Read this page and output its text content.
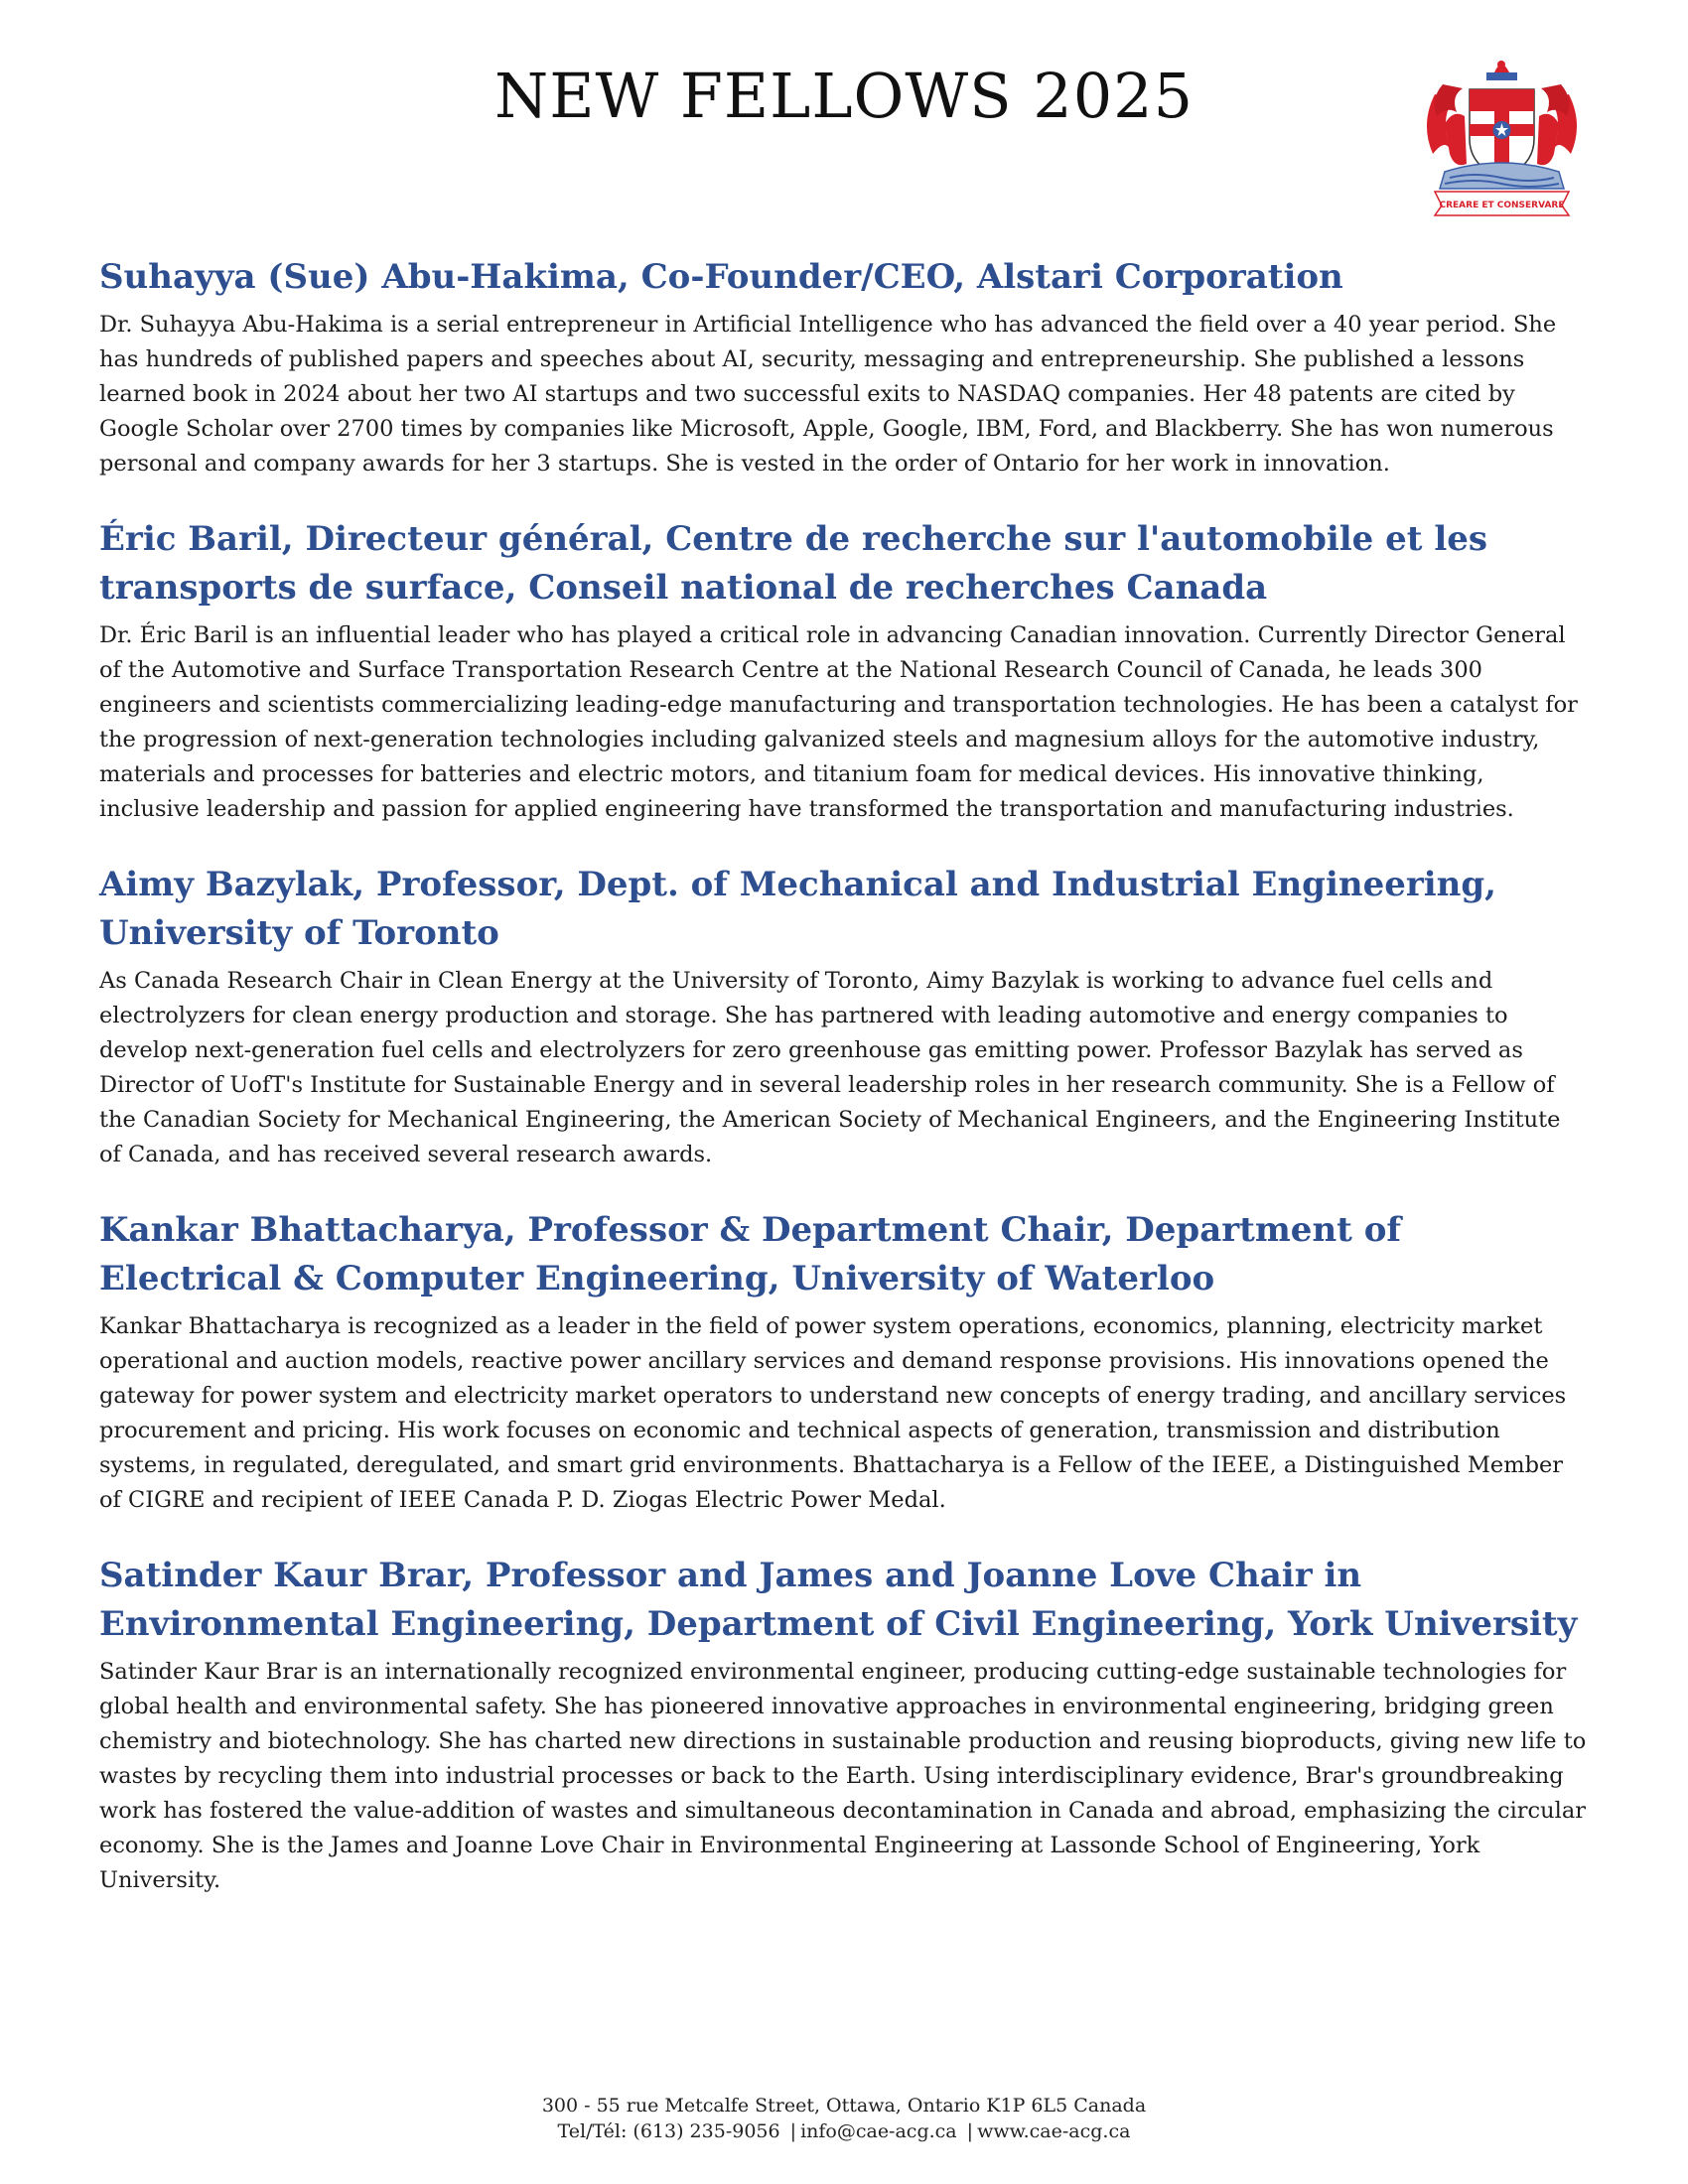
NEW FELLOWS 2025
CREARE ET CONSERVARE
Suhayya (Sue) Abu-Hakima, Co-Founder/CEO, Alstari Corporation

Dr. Suhayya Abu-Hakima is a serial entrepreneur in Artificial Intelligence who has advanced the field over a 40 year period. She has hundreds of published papers and speeches about AI, security, messaging and entrepreneurship. She published a lessons learned book in 2024 about her two AI startups and two successful exits to NASDAQ companies. Her 48 patents are cited by Google Scholar over 2700 times by companies like Microsoft, Apple, Google, IBM, Ford, and Blackberry. She has won numerous personal and company awards for her 3 startups. She is vested in the order of Ontario for her work in innovation.

Éric Baril, Directeur général, Centre de recherche sur l'automobile et les transports de surface, Conseil national de recherches Canada

Dr. Éric Baril is an influential leader who has played a critical role in advancing Canadian innovation. Currently Director General of the Automotive and Surface Transportation Research Centre at the National Research Council of Canada, he leads 300 engineers and scientists commercializing leading-edge manufacturing and transportation technologies. He has been a catalyst for the progression of next-generation technologies including galvanized steels and magnesium alloys for the automotive industry, materials and processes for batteries and electric motors, and titanium foam for medical devices. His innovative thinking, inclusive leadership and passion for applied engineering have transformed the transportation and manufacturing industries.

Aimy Bazylak, Professor, Dept. of Mechanical and Industrial Engineering, University of Toronto

As Canada Research Chair in Clean Energy at the University of Toronto, Aimy Bazylak is working to advance fuel cells and electrolyzers for clean energy production and storage. She has partnered with leading automotive and energy companies to develop next-generation fuel cells and electrolyzers for zero greenhouse gas emitting power. Professor Bazylak has served as Director of UofT's Institute for Sustainable Energy and in several leadership roles in her research community. She is a Fellow of the Canadian Society for Mechanical Engineering, the American Society of Mechanical Engineers, and the Engineering Institute of Canada, and has received several research awards.

Kankar Bhattacharya, Professor & Department Chair, Department of Electrical & Computer Engineering, University of Waterloo

Kankar Bhattacharya is recognized as a leader in the field of power system operations, economics, planning, electricity market operational and auction models, reactive power ancillary services and demand response provisions. His innovations opened the gateway for power system and electricity market operators to understand new concepts of energy trading, and ancillary services procurement and pricing. His work focuses on economic and technical aspects of generation, transmission and distribution systems, in regulated, deregulated, and smart grid environments. Bhattacharya is a Fellow of the IEEE, a Distinguished Member of CIGRE and recipient of IEEE Canada P. D. Ziogas Electric Power Medal.

Satinder Kaur Brar, Professor and James and Joanne Love Chair in Environmental Engineering, Department of Civil Engineering, York University

Satinder Kaur Brar is an internationally recognized environmental engineer, producing cutting-edge sustainable technologies for global health and environmental safety. She has pioneered innovative approaches in environmental engineering, bridging green chemistry and biotechnology. She has charted new directions in sustainable production and reusing bioproducts, giving new life to wastes by recycling them into industrial processes or back to the Earth. Using interdisciplinary evidence, Brar's groundbreaking work has fostered the value-addition of wastes and simultaneous decontamination in Canada and abroad, emphasizing the circular economy. She is the James and Joanne Love Chair in Environmental Engineering at Lassonde School of Engineering, York University.

300 - 55 rue Metcalfe Street, Ottawa, Ontario K1P 6L5 Canada
Tel/Tél: (613) 235-9056 | info@cae-acg.ca | www.cae-acg.ca
